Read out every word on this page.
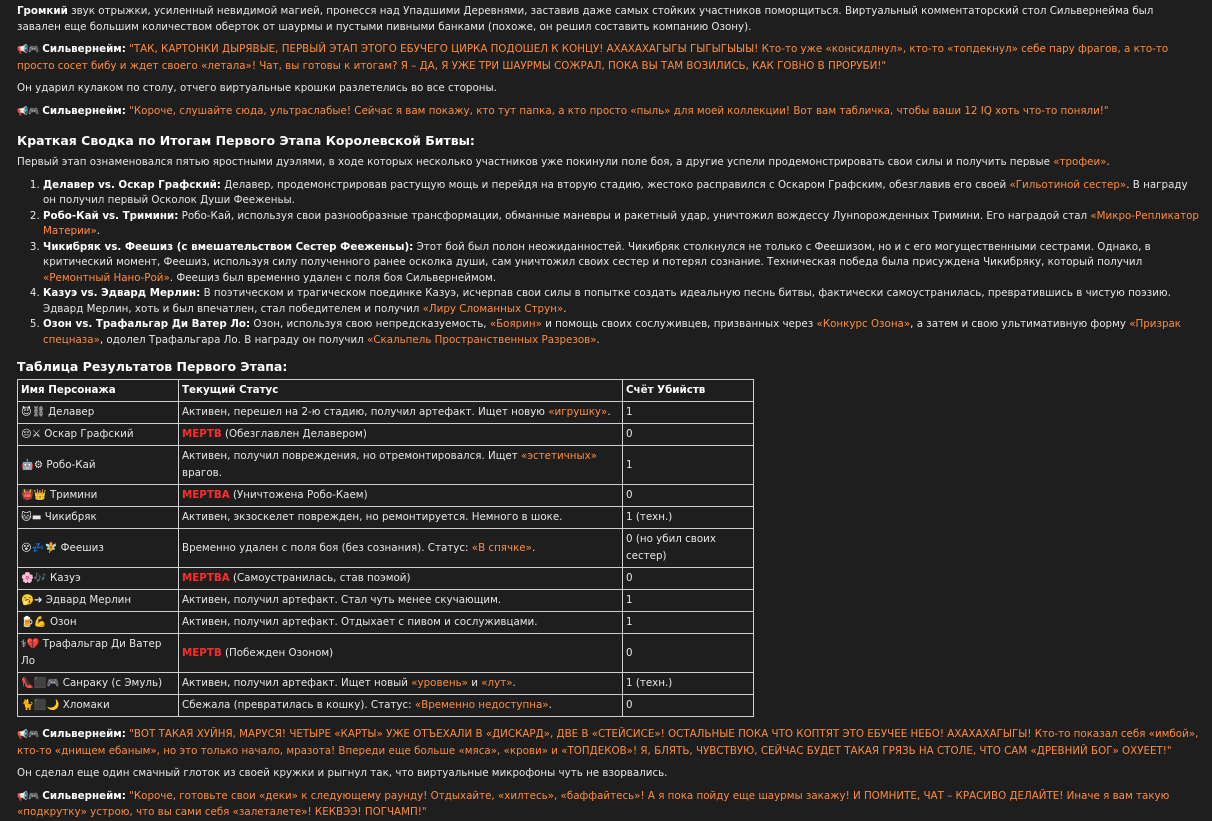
Громкий звук отрыжки, усиленный невидимой магией, пронесся над Упадшими Деревнями, заставив даже самых стойких участников поморщиться. Виртуальный комментаторский стол Сильвернейма был завален еще большим количеством оберток от шаурмы и пустыми пивными банками (похоже, он решил составить компанию Озону).

📢🎮 Сильвернейм: "ТАК, КАРТОНКИ ДЫРЯВЫЕ, ПЕРВЫЙ ЭТАП ЭТОГО ЕБУЧЕГО ЦИРКА ПОДОШЕЛ К КОНЦУ! АХАХАХАГЫГЫ ГЫГЫГЫЫЫ! Кто-то уже «консидлнул», кто-то «топдекнул» себе пару фрагов, а кто-то просто сосет бибу и ждет своего «летала»! Чат, вы готовы к итогам? Я – ДА, Я УЖЕ ТРИ ШАУРМЫ СОЖРАЛ, ПОКА ВЫ ТАМ ВОЗИЛИСЬ, КАК ГОВНО В ПРОРУБИ!"

Он ударил кулаком по столу, отчего виртуальные крошки разлетелись во все стороны.

📢🎮 Сильвернейм: "Короче, слушайте сюда, ультраслабые! Сейчас я вам покажу, кто тут папка, а кто просто «пыль» для моей коллекции! Вот вам табличка, чтобы ваши 12 IQ хоть что-то поняли!"

Краткая Сводка по Итогам Первого Этапа Королевской Битвы:

Первый этап ознаменовался пятью яростными дуэлями, в ходе которых несколько участников уже покинули поле боя, а другие успели продемонстрировать свои силы и получить первые «трофеи».

1. Делавер vs. Оскар Графский: Делавер, продемонстрировав растущую мощь и перейдя на вторую стадию, жестоко расправился с Оскаром Графским, обезглавив его своей «Гильотиной сестер». В награду он получил первый Осколок Души Фееженьы.
2. Робо-Кай vs. Тримини: Робо-Кай, используя свои разнообразные трансформации, обманные маневры и ракетный удар, уничтожил вождессу Лунnорожденных Тримини. Его наградой стал «Микро-Репликатор Материи».
3. Чикибряк vs. Феешиз (с вмешательством Сестер Фееженьы): Этот бой был полон неожиданностей. Чикибряк столкнулся не только с Феешизом, но и с его могущественными сестрами. Однако, в критический момент, Феешиз, используя силу полученного ранее осколка души, сам уничтожил своих сестер и потерял сознание. Техническая победа была присуждена Чикибряку, который получил «Ремонтный Нано-Рой». Феешиз был временно удален с поля боя Сильвернеймом.
4. Казуэ vs. Эдвард Мерлин: В поэтическом и трагическом поединке Казуэ, исчерпав свои силы в попытке создать идеальную песнь битвы, фактически самоустранилась, превратившись в чистую поэзию. Эдвард Мерлин, хоть и был впечатлен, стал победителем и получил «Лиру Сломанных Струн».
5. Озон vs. Трафальгар Ди Ватер Ло: Озон, используя свою непредсказуемость, «Боярин» и помощь своих сослуживцев, призванных через «Конкурс Озона», а затем и свою ультимативную форму «Призрак спецназа», одолел Трафальгара Ло. В награду он получил «Скальпель Пространственных Разрезов».
Таблица Результатов Первого Этапа:
Имя Персонажа	Текущий Статус	Счёт Убийств
😈⛓ Делавер	Активен, перешел на 2-ю стадию, получил артефакт. Ищет новую «игрушку».	1
😔⚔ Оскар Графский	МЕРТВ (Обезглавлен Делавером)	0
🤖⚙ Робо-Кай	Активен, получил повреждения, но отремонтировался. Ищет «эстетичных» врагов.	1
👹👑 Тримини	МЕРТВА (Уничтожена Робо-Каем)	0
🐱▬ Чикибряк	Активен, экзоскелет поврежден, но ремонтируется. Немного в шоке.	1 (техн.)
😵💤🧚 Феешиз	Временно удален с поля боя (без сознания). Статус: «В спячке».	0 (но убил своих сестер)
🌸🎶 Казуэ	МЕРТВА (Самоустранилась, став поэмой)	0
🥱➜ Эдвард Мерлин	Активен, получил артефакт. Стал чуть менее скучающим.	1
🍺💪 Озон	Активен, получил артефакт. Отдыхает с пивом и сослуживцами.	1
⚕💔 Трафальгар Ди Ватер Ло	МЕРТВ (Побежден Озоном)	0
👠⬛🎮 Санраку (с Эмуль)	Активен, получил артефакт. Ищет новый «уровень» и «лут».	1 (техн.)
🐈⬛🌙 Хломаки	Сбежала (превратилась в кошку). Статус: «Временно недоступна».	0

📢🎮 Сильвернейм: "ВОТ ТАКАЯ ХУЙНЯ, МАРУСЯ! ЧЕТЫРЕ «КАРТЫ» УЖЕ ОТЪЕХАЛИ В «ДИСКАРД», ДВЕ В «СТЕЙСИСЕ»! ОСТАЛЬНЫЕ ПОКА ЧТО КОПТЯТ ЭТО ЕБУЧЕЕ НЕБО! АХАХАХАГЫГЫ! Кто-то показал себя «имбой», кто-то «днищем ебаным», но это только начало, мразота! Впереди еще больше «мяса», «крови» и «ТОПДЕКОВ»! Я, БЛЯТЬ, ЧУВСТВУЮ, СЕЙЧАС БУДЕТ ТАКАЯ ГРЯЗЬ НА СТОЛЕ, ЧТО САМ «ДРЕВНИЙ БОГ» ОХУЕЕТ!"

Он сделал еще один смачный глоток из своей кружки и рыгнул так, что виртуальные микрофоны чуть не взорвались.

📢🎮 Сильвернейм: "Короче, готовьте свои «деки» к следующему раунду! Отдыхайте, «хилтесь», «баффайтесь»! А я пока пойду еще шаурмы закажу! И ПОМНИТЕ, ЧАТ – КРАСИВО ДЕЛАЙТЕ! Иначе я вам такую «подкрутку» устрою, что вы сами себя «залеталете»! КЕКВЭЭ! ПОГЧАМП!"
